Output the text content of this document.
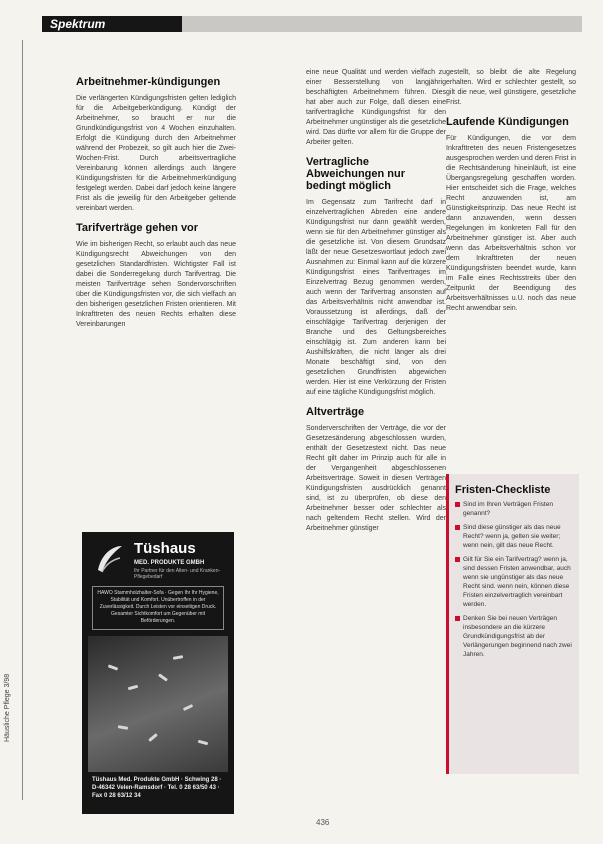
Spektrum
Häusliche Pflege 3/98
Arbeitnehmer-kündigungen

Die verlängerten Kündigungsfristen gelten lediglich für die Arbeitgeberkündigung. Kündigt der Arbeitnehmer, so braucht er nur die Grundkündigungsfrist von 4 Wochen einzuhalten. Erfolgt die Kündigung durch den Arbeitnehmer während der Probezeit, so gilt auch hier die Zwei-Wochen-Frist. Durch arbeitsvertragliche Vereinbarung können allerdings auch längere Kündigungsfristen für die Arbeitnehmerkündigung festgelegt werden. Dabei darf jedoch keine längere Frist als die jeweilig für den Arbeitgeber geltende vereinbart werden.

Tarifverträge gehen vor

Wie im bisherigen Recht, so erlaubt auch das neue Kündigungsrecht Abweichungen von den gesetzlichen Standardfristen. Wichtigster Fall ist dabei die Sonderregelung durch Tarifvertrag. Die meisten Tarifverträge sehen Sondervorschriften über die Kündigungsfristen vor, die sich vielfach an den bisherigen gesetzlichen Fristen orientieren. Mit Inkrafttreten des neuen Rechts erhalten diese Vereinbarungen

Tüshaus
MED. PRODUKTE GMBH
Ihr Partner für den Alten- und Kranken-Pflegebedarf
HAWO Stammholzhalter-Sofa · Gegen Ihr Ihr Hygiene, Stabilität und Komfort. Unübertroffen in der Zuverlässigkeit. Durch Leisten vor einseitigen Druck. Gesamter Sichtkomfort um Gegenüber mit Beförderungen.
Tüshaus Med. Produkte GmbH · Schwing 28 · D-46342 Velen-Ramsdorf · Tel. 0 28 63/50 43 · Fax 0 28 63/12 34

eine neue Qualität und werden vielfach zu einer Besserstellung von langjährig beschäftigten Arbeitnehmern führen. Dies hat aber auch zur Folge, daß diesen eine tarifvertragliche Kündigungsfrist für den Arbeitnehmer ungünstiger als die gesetzliche wird. Das dürfte vor allem für die Gruppe der Arbeiter gelten.

Vertragliche Abweichungen nur bedingt möglich

Im Gegensatz zum Tarifrecht darf in einzelvertraglichen Abreden eine andere Kündigungsfrist nur dann gewählt werden, wenn sie für den Arbeitnehmer günstiger als die gesetzliche ist. Von diesem Grundsatz läßt der neue Gesetzeswortlaut jedoch zwei Ausnahmen zu: Einmal kann auf die kürzere Kündigungsfrist eines Tarifvertrages im Einzelvertrag Bezug genommen werden, auch wenn der Tarifvertrag ansonsten auf das Arbeitsverhältnis nicht anwendbar ist. Voraussetzung ist allerdings, daß der einschlägige Tarifvertrag derjenigen der Branche und des Geltungsbereiches einschlägig ist. Zum anderen kann bei Aushilfskräften, die nicht länger als drei Monate beschäftigt sind, von den gesetzlichen Grundfristen abgewichen werden. Hier ist eine Verkürzung der Fristen auf eine tägliche Kündigungsfrist möglich.

Altverträge

Sonderverschriften der Verträge, die vor der Gesetzesänderung abgeschlossen wurden, enthält der Gesetzestext nicht. Das neue Recht gilt daher im Prinzip auch für alle in der Vergangenheit abgeschlossenen Arbeitsverträge. Soweit in diesen Verträgen Kündigungsfristen ausdrücklich genannt sind, ist zu überprüfen, ob diese den Arbeitnehmer besser oder schlechter als nach geltendem Recht stellen. Wird der Arbeitnehmer günstiger

gestellt, so bleibt die alte Regelung erhalten. Wird er schlechter gestellt, so gilt die neue, weil günstigere, gesetzliche Frist.

Laufende Kündigungen

Für Kündigungen, die vor dem Inkrafttreten des neuen Fristengesetzes ausgesprochen werden und deren Frist in die Rechtsänderung hineinläuft, ist eine Übergangsregelung geschaffen worden. Hier entscheidet sich die Frage, welches Recht anzuwenden ist, am Günstigkeitsprinzip. Das neue Recht ist dann anzuwenden, wenn dessen Regelungen im konkreten Fall für den Arbeitnehmer günstiger ist. Aber auch wenn das Arbeitsverhältnis schon vor dem Inkrafttreten der neuen Kündigungsfristen beendet wurde, kann im Falle eines Rechtsstreits über den Zeitpunkt der Beendigung des Arbeitsverhältnisses u.U. noch das neue Recht anwendbar sein.

Fristen-Checkliste
Sind im Ihren Verträgen Fristen genannt?
Sind diese günstiger als das neue Recht? wenn ja, gelten sie weiter; wenn nein, gilt das neue Recht.
Gilt für Sie ein Tarifvertrag? wenn ja, sind dessen Fristen anwendbar, auch wenn sie ungünstiger als das neue Recht sind. wenn nein, können diese Fristen einzelvertraglich vereinbart werden.
Denken Sie bei neuen Verträgen insbesondere an die kürzere Grundkündigungsfrist ab der Verlängerungen beginnend nach zwei Jahren.
436
